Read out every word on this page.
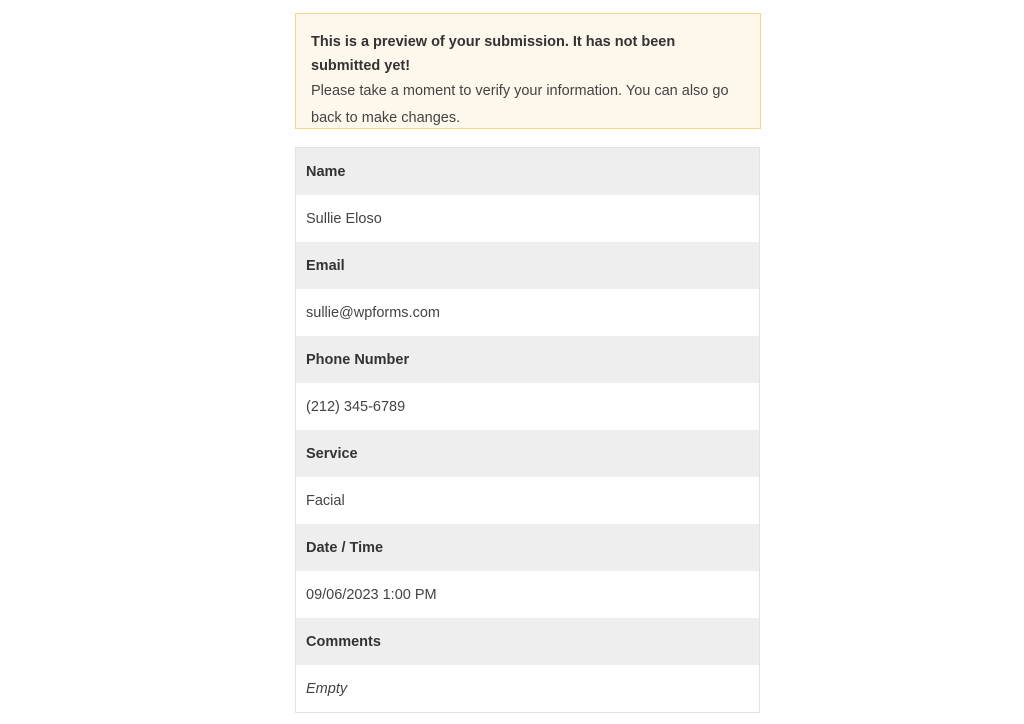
This is a preview of your submission. It has not been submitted yet!
Please take a moment to verify your information. You can also go back to make changes.
Name
Sullie Eloso
Email
sullie@wpforms.com
Phone Number
(212) 345-6789
Service
Facial
Date / Time
09/06/2023 1:00 PM
Comments
Empty
